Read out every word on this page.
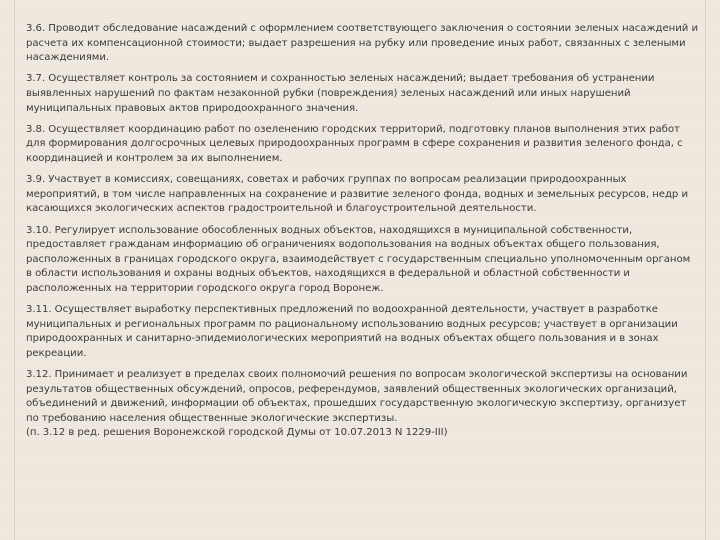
3.6. Проводит обследование насаждений с оформлением соответствующего заключения о состоянии зеленых насаждений и расчета их компенсационной стоимости; выдает разрешения на рубку или проведение иных работ, связанных с зелеными насаждениями.

3.7. Осуществляет контроль за состоянием и сохранностью зеленых насаждений; выдает требования об устранении выявленных нарушений по фактам незаконной рубки (повреждения) зеленых насаждений или иных нарушений муниципальных правовых актов природоохранного значения.

3.8. Осуществляет координацию работ по озеленению городских территорий, подготовку планов выполнения этих работ для формирования долгосрочных целевых природоохранных программ в сфере сохранения и развития зеленого фонда, с координацией и контролем за их выполнением.

3.9. Участвует в комиссиях, совещаниях, советах и рабочих группах по вопросам реализации природоохранных мероприятий, в том числе направленных на сохранение и развитие зеленого фонда, водных и земельных ресурсов, недр и касающихся экологических аспектов градостроительной и благоустроительной деятельности.

3.10. Регулирует использование обособленных водных объектов, находящихся в муниципальной собственности, предоставляет гражданам информацию об ограничениях водопользования на водных объектах общего пользования, расположенных в границах городского округа, взаимодействует с государственным специально уполномоченным органом в области использования и охраны водных объектов, находящихся в федеральной и областной собственности и расположенных на территории городского округа город Воронеж.

3.11. Осуществляет выработку перспективных предложений по водоохранной деятельности, участвует в разработке муниципальных и региональных программ по рациональному использованию водных ресурсов; участвует в организации природоохранных и санитарно-эпидемиологических мероприятий на водных объектах общего пользования и в зонах рекреации.

3.12. Принимает и реализует в пределах своих полномочий решения по вопросам экологической экспертизы на основании результатов общественных обсуждений, опросов, референдумов, заявлений общественных экологических организаций, объединений и движений, информации об объектах, прошедших государственную экологическую экспертизу, организует по требованию населения общественные экологические экспертизы.
(п. 3.12 в ред. решения Воронежской городской Думы от 10.07.2013 N 1229-III)
